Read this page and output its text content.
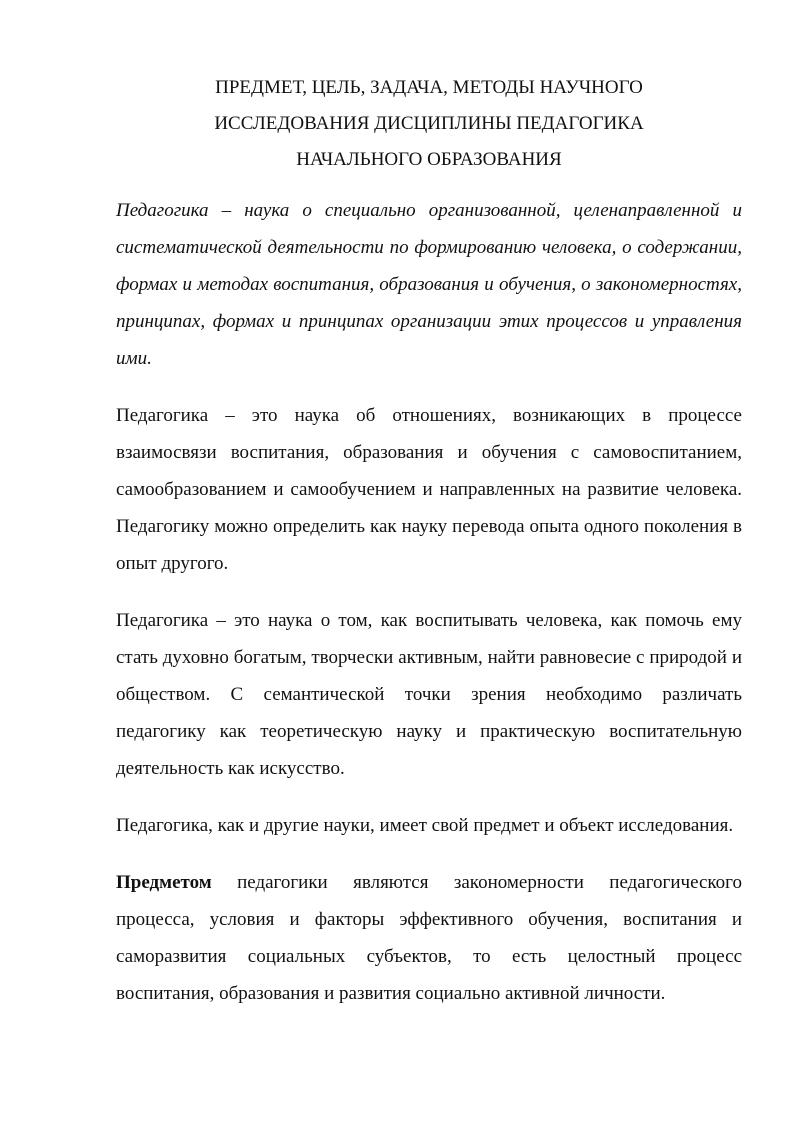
ПРЕДМЕТ, ЦЕЛЬ, ЗАДАЧА, МЕТОДЫ НАУЧНОГО
ИССЛЕДОВАНИЯ ДИСЦИПЛИНЫ ПЕДАГОГИКА
НАЧАЛЬНОГО ОБРАЗОВАНИЯ

Педагогика – наука о специально организованной, целенаправленной и систематической деятельности по формированию человека, о содержании, формах и методах воспитания, образования и обучения, о закономерностях, принципах, формах и принципах организации этих процессов и управления ими.

Педагогика – это наука об отношениях, возникающих в процессе взаимосвязи воспитания, образования и обучения с самовоспитанием, самообразованием и самообучением и направленных на развитие человека. Педагогику можно определить как науку перевода опыта одного поколения в опыт другого.

Педагогика – это наука о том, как воспитывать человека, как помочь ему стать духовно богатым, творчески активным, найти равновесие с природой и обществом. С семантической точки зрения необходимо различать педагогику как теоретическую науку и практическую воспитательную деятельность как искусство.

Педагогика, как и другие науки, имеет свой предмет и объект исследования.

Предметом педагогики являются закономерности педагогического процесса, условия и факторы эффективного обучения, воспитания и саморазвития социальных субъектов, то есть целостный процесс воспитания, образования и развития социально активной личности.
